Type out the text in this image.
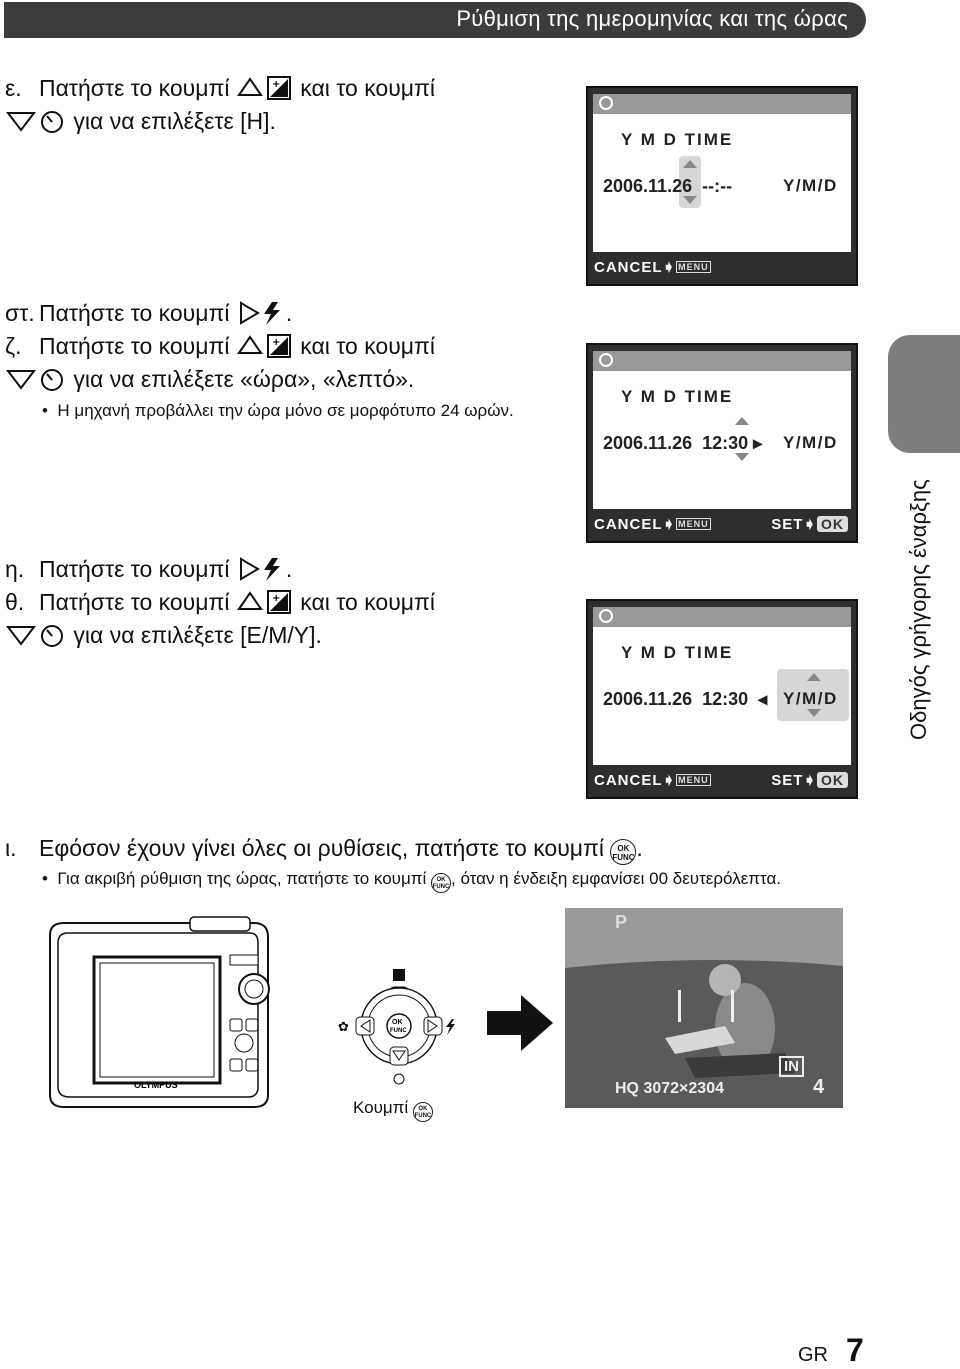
Ρύθμιση της ημερομηνίας και της ώρας
ε. Πατήστε το κουμπί	+ και το κουμπί
για να επιλέξετε [Η].
στ. Πατήστε το κουμπί .
ζ. Πατήστε το κουμπί	+ και το κουμπί
για να επιλέξετε «ώρα», «λεπτό».
•  Η μηχανή προβάλλει την ώρα μόνο σε μορφότυπο 24 ωρών.
η. Πατήστε το κουμπί .
θ. Πατήστε το κουμπί	+ και το κουμπί
για να επιλέξετε [Ε/Μ/Υ].
Y M D TIME
2006.11.26 --:--	Y/M/D
CANCEL➧ MENU
Y M D TIME
2006.11.26 12:30 ▸ Y/M/D
CANCEL➧ MENU	SET➧ OK
Y M D TIME
2006.11.26 12:30  ◂ Y/M/D
CANCEL➧ MENU	SET➧ OK
Οδηγός γρήγορης έναρξης
ι. Εφόσον έχουν γίνει όλες οι ρυθίσεις, πατήστε το κουμπί OK
FUNC.
•  Για ακριβή ρύθμιση της ώρας, πατήστε το κουμπί OK
FUNC, όταν η ένδειξη εμφανίσει 00 δευτερόλεπτα.
OLYMPUS
OK
FUNC
✿
Κουμπί OK
FUNC
P
IN
HQ 3072×2304	4
GR 7
